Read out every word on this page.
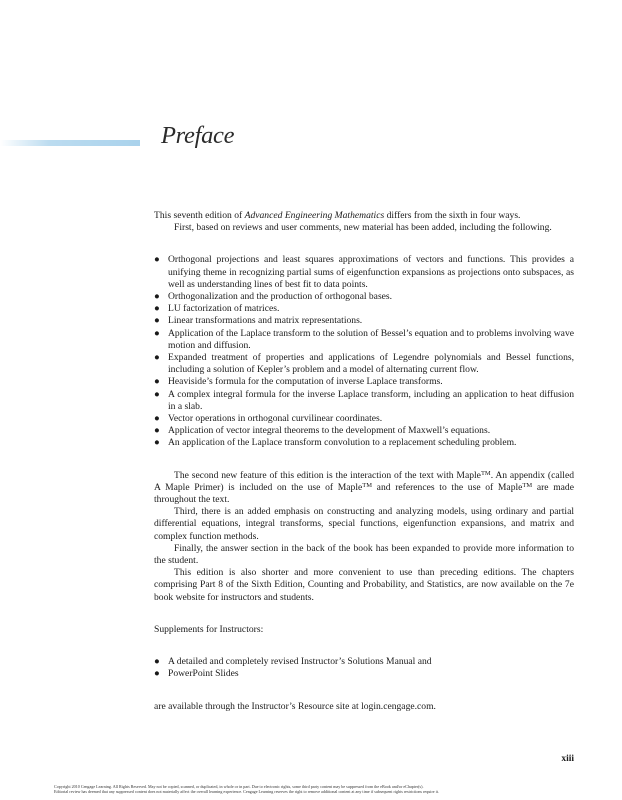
Preface

This seventh edition of Advanced Engineering Mathematics differs from the sixth in four ways.

First, based on reviews and user comments, new material has been added, including the following.

● Orthogonal projections and least squares approximations of vectors and functions. This provides a unifying theme in recognizing partial sums of eigenfunction expansions as projections onto subspaces, as well as understanding lines of best fit to data points.
● Orthogonalization and the production of orthogonal bases.
● LU factorization of matrices.
● Linear transformations and matrix representations.
● Application of the Laplace transform to the solution of Bessel’s equation and to problems involving wave motion and diffusion.
● Expanded treatment of properties and applications of Legendre polynomials and Bessel functions, including a solution of Kepler’s problem and a model of alternating current flow.
● Heaviside’s formula for the computation of inverse Laplace transforms.
● A complex integral formula for the inverse Laplace transform, including an application to heat diffusion in a slab.
● Vector operations in orthogonal curvilinear coordinates.
● Application of vector integral theorems to the development of Maxwell’s equations.
● An application of the Laplace transform convolution to a replacement scheduling problem.

The second new feature of this edition is the interaction of the text with Maple™. An appendix (called A Maple Primer) is included on the use of Maple™ and references to the use of Maple™ are made throughout the text.

Third, there is an added emphasis on constructing and analyzing models, using ordinary and partial differential equations, integral transforms, special functions, eigenfunction expansions, and matrix and complex function methods.

Finally, the answer section in the back of the book has been expanded to provide more information to the student.

This edition is also shorter and more convenient to use than preceding editions. The chapters comprising Part 8 of the Sixth Edition, Counting and Probability, and Statistics, are now available on the 7e book website for instructors and students.

Supplements for Instructors:

● A detailed and completely revised Instructor’s Solutions Manual and
● PowerPoint Slides

are available through the Instructor’s Resource site at login.cengage.com.

xiii
Copyright 2010 Cengage Learning. All Rights Reserved. May not be copied, scanned, or duplicated, in whole or in part. Due to electronic rights, some third party content may be suppressed from the eBook and/or eChapter(s).
Editorial review has deemed that any suppressed content does not materially affect the overall learning experience. Cengage Learning reserves the right to remove additional content at any time if subsequent rights restrictions require it.
